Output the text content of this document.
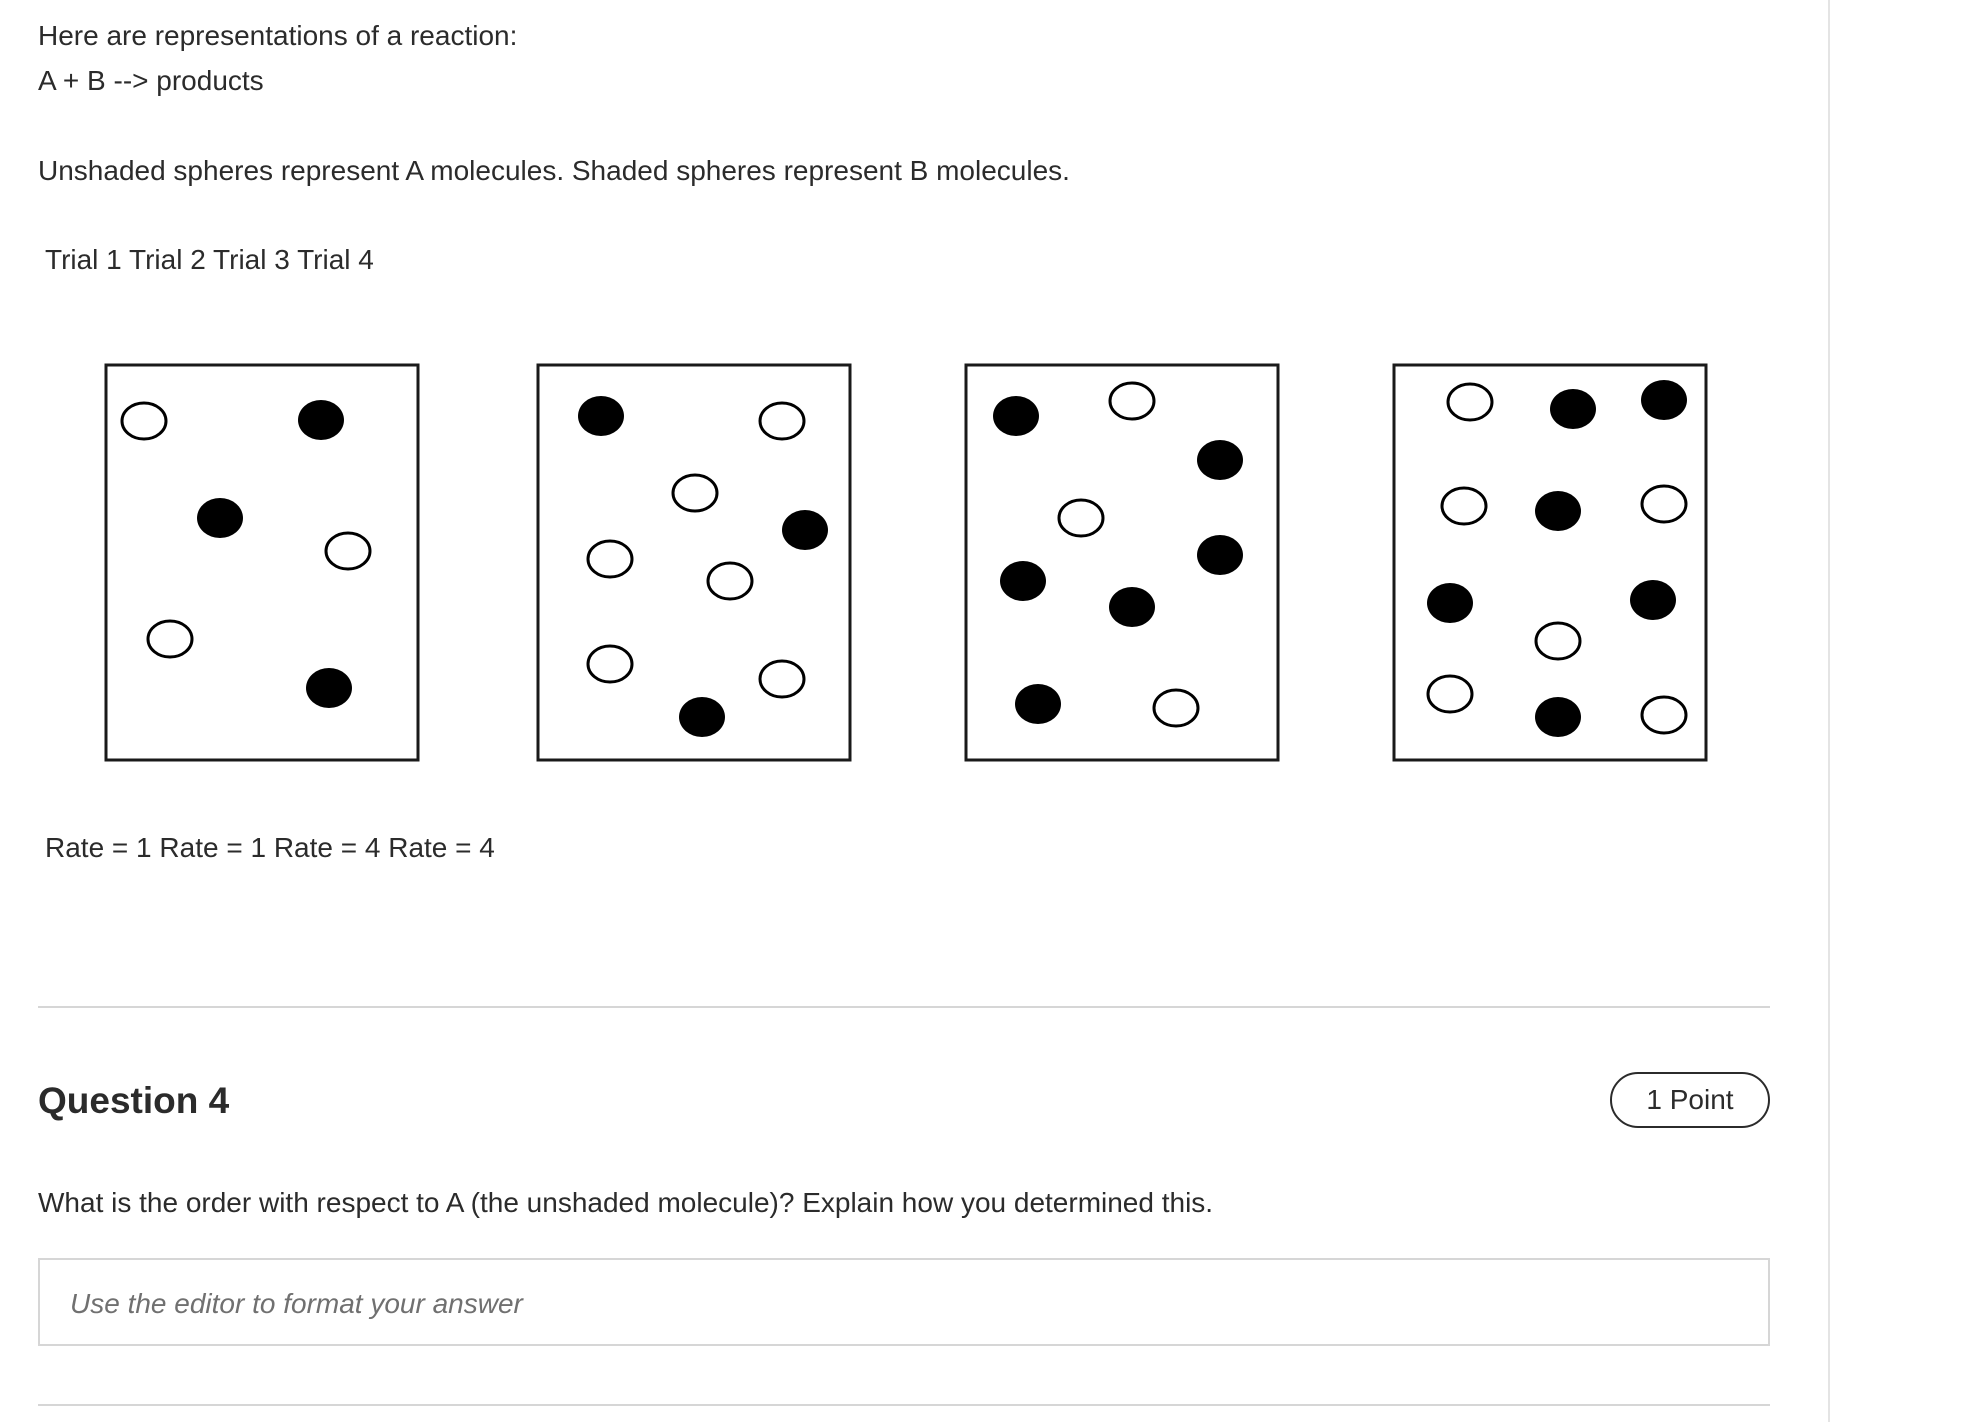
Here are representations of a reaction:

A + B --> products

Unshaded spheres represent A molecules. Shaded spheres represent B molecules.

Trial 1 Trial 2 Trial 3 Trial 4

Rate = 1 Rate = 1 Rate = 4 Rate = 4

Question 4	1 Point

What is the order with respect to A (the unshaded molecule)? Explain how you determined this.

Use the editor to format your answer
